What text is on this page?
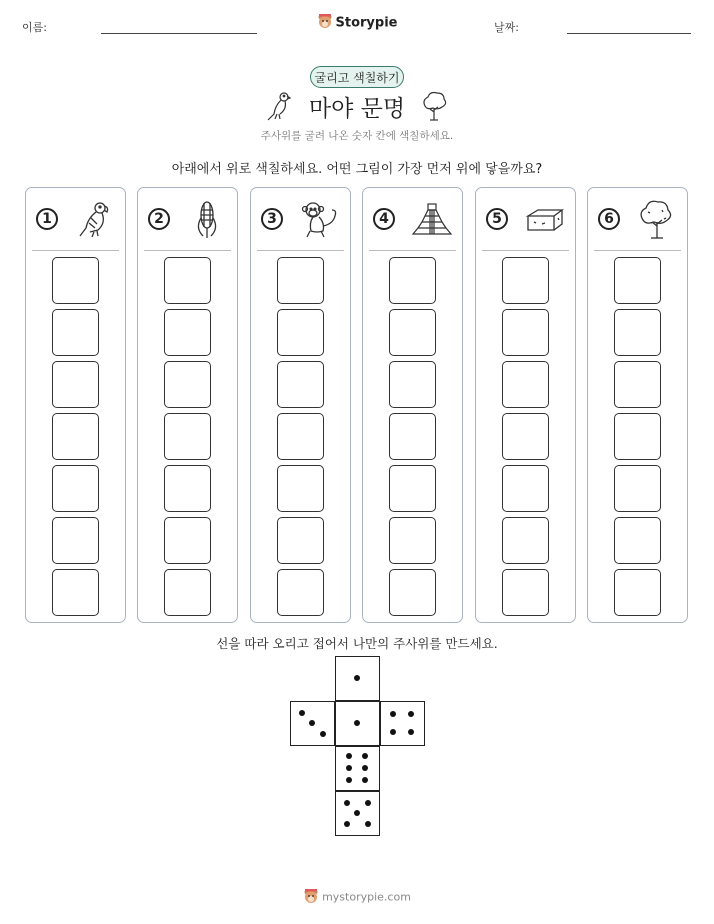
이름:	Storypie	날짜:
굴리고 색칠하기
마야 문명
주사위를 굴려 나온 숫자 칸에 색칠하세요.
아래에서 위로 색칠하세요. 어떤 그림이 가장 먼저 위에 닿을까요?
1	2	3	4	5	6
선을 따라 오리고 접어서 나만의 주사위를 만드세요.
mystorypie.com
